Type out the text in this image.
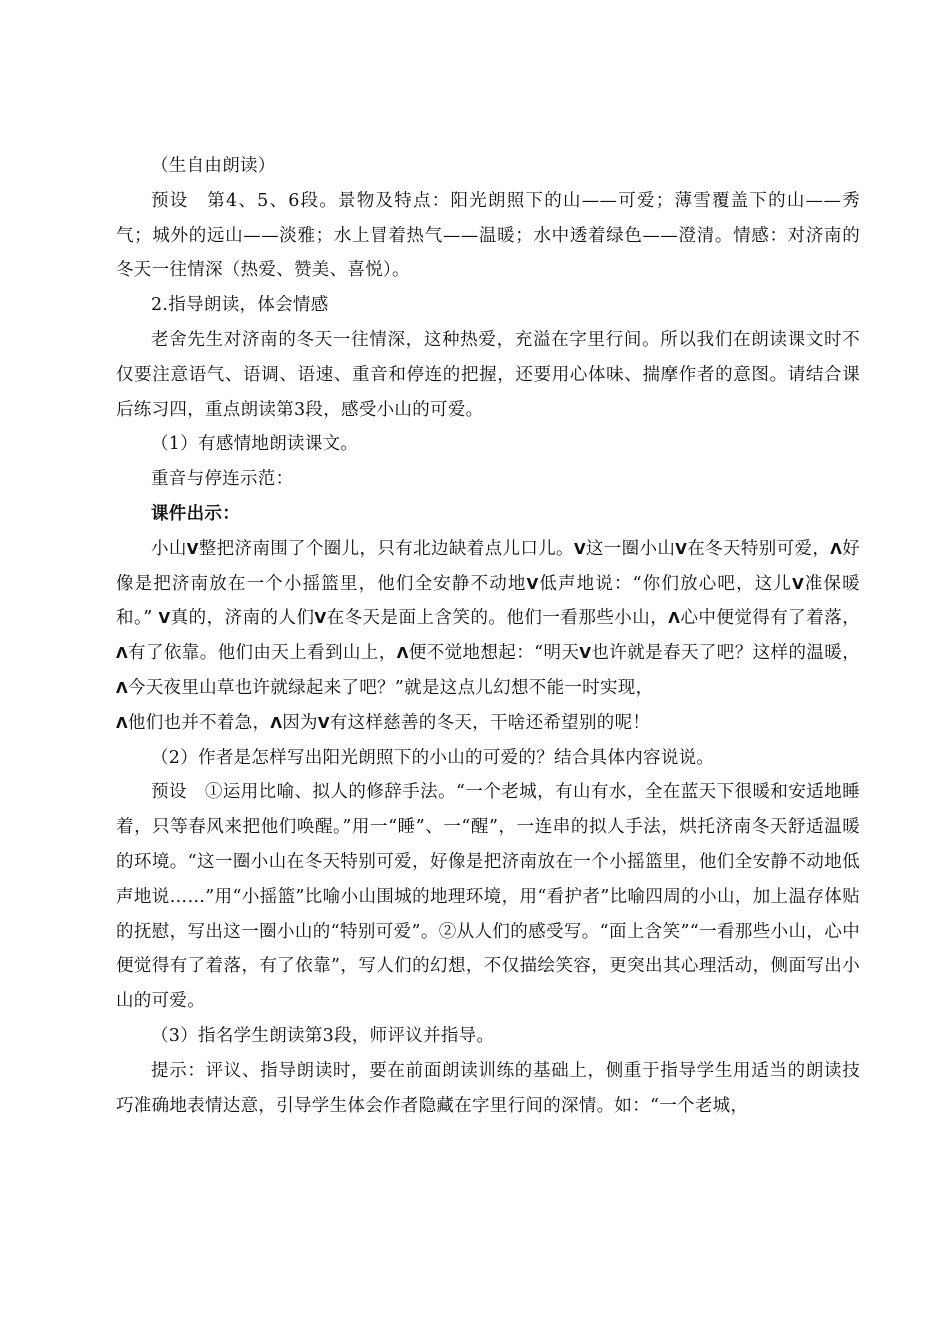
（生自由朗读）

预设　第4、5、6段。景物及特点：阳光朗照下的山——可爱；薄雪覆盖下的山——秀气；城外的远山——淡雅；水上冒着热气——温暖；水中透着绿色——澄清。情感：对济南的冬天一往情深（热爱、赞美、喜悦）。

2.指导朗读，体会情感

老舍先生对济南的冬天一往情深，这种热爱，充溢在字里行间。所以我们在朗读课文时不仅要注意语气、语调、语速、重音和停连的把握，还要用心体味、揣摩作者的意图。请结合课后练习四，重点朗读第3段，感受小山的可爱。

（1）有感情地朗读课文。

重音与停连示范：

课件出示：

小山V整把济南围了个圈儿，只有北边缺着点儿口儿。V这一圈小山V在冬天特别可爱，Λ好像是把济南放在一个小摇篮里，他们全安静不动地V低声地说：“你们放心吧，这儿V准保暖和。” V真的，济南的人们V在冬天是面上含笑的。他们一看那些小山，Λ心中便觉得有了着落，Λ有了依靠。他们由天上看到山上，Λ便不觉地想起：“明天V也许就是春天了吧？这样的温暖，Λ今天夜里山草也许就绿起来了吧？”就是这点儿幻想不能一时实现，

Λ他们也并不着急，Λ因为V有这样慈善的冬天，干啥还希望别的呢！

（2）作者是怎样写出阳光朗照下的小山的可爱的？结合具体内容说说。

预设　①运用比喻、拟人的修辞手法。“一个老城，有山有水，全在蓝天下很暖和安适地睡着，只等春风来把他们唤醒。”用一“睡”、一“醒”，一连串的拟人手法，烘托济南冬天舒适温暖的环境。“这一圈小山在冬天特别可爱，好像是把济南放在一个小摇篮里，他们全安静不动地低声地说……”用“小摇篮”比喻小山围城的地理环境，用“看护者”比喻四周的小山，加上温存体贴的抚慰，写出这一圈小山的“特别可爱”。②从人们的感受写。“面上含笑”“一看那些小山，心中便觉得有了着落，有了依靠”，写人们的幻想，不仅描绘笑容，更突出其心理活动，侧面写出小山的可爱。

（3）指名学生朗读第3段，师评议并指导。

提示：评议、指导朗读时，要在前面朗读训练的基础上，侧重于指导学生用适当的朗读技巧准确地表情达意，引导学生体会作者隐藏在字里行间的深情。如：“一个老城，
